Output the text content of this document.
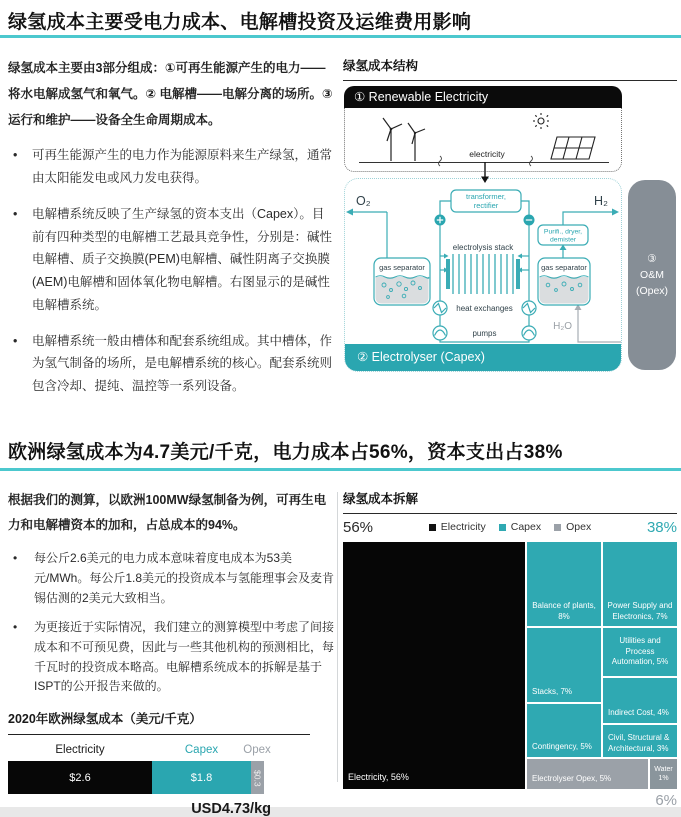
绿氢成本主要受电力成本、电解槽投资及运维费用影响

绿氢成本主要由3部分组成：①可再生能源产生的电力——将水电解成氢气和氧气。② 电解槽——电解分离的场所。③ 运行和维护——设备全生命周期成本。

• 可再生能源产生的电力作为能源原料来生产绿氢，通常由太阳能发电或风力发电获得。
• 电解槽系统反映了生产绿氢的资本支出（Capex）。目前有四种类型的电解槽工艺最具竞争性，分别是：碱性电解槽、质子交换膜(PEM)电解槽、碱性阴离子交换膜(AEM)电解槽和固体氧化物电解槽。右图显示的是碱性电解槽系统。
• 电解槽系统一般由槽体和配套系统组成。其中槽体，作为氢气制备的场所，是电解槽系统的核心。配套系统则包含冷却、提纯、温控等一系列设备。
绿氢成本结构
① Renewable Electricity
electricity
transformer,
rectifier
electrolysis stack
Purifi., dryer,
demister
gas separator	gas separator
heat exchanges
pumps
O₂	H₂
H₂O
② Electrolyser (Capex)
③
O&M
(Opex)
欧洲绿氢成本为4.7美元/千克，电力成本占56%，资本支出占38%

根据我们的测算，以欧洲100MW绿氢制备为例，可再生电力和电解槽资本的加和，占总成本的94%。

• 每公斤2.6美元的电力成本意味着度电成本为53美元/MWh。每公斤1.8美元的投资成本与氢能理事会及麦肯锡估测的2美元大致相当。
• 为更接近于实际情况，我们建立的测算模型中考虑了间接成本和不可预见费，因此与一些其他机构的预测相比，每千瓦时的投资成本略高。电解槽系统成本的拆解是基于ISPT的公开报告来做的。
2020年欧洲绿氢成本（美元/千克）
Electricity	Capex	Opex
$2.6	$1.8	$0.3
USD4.73/kg
绿氢成本拆解
56%	Electricity Capex Opex	38%
Electricity, 56%
Balance of plants, 8%
Stacks, 7%
Contingency, 5%
Power Supply and Electronics, 7%
Utilities and Process Automation, 5%
Indirect Cost, 4%
Civil, Structural & Architectural, 3%
Electrolyser Opex, 5%
Water 1%
6%
